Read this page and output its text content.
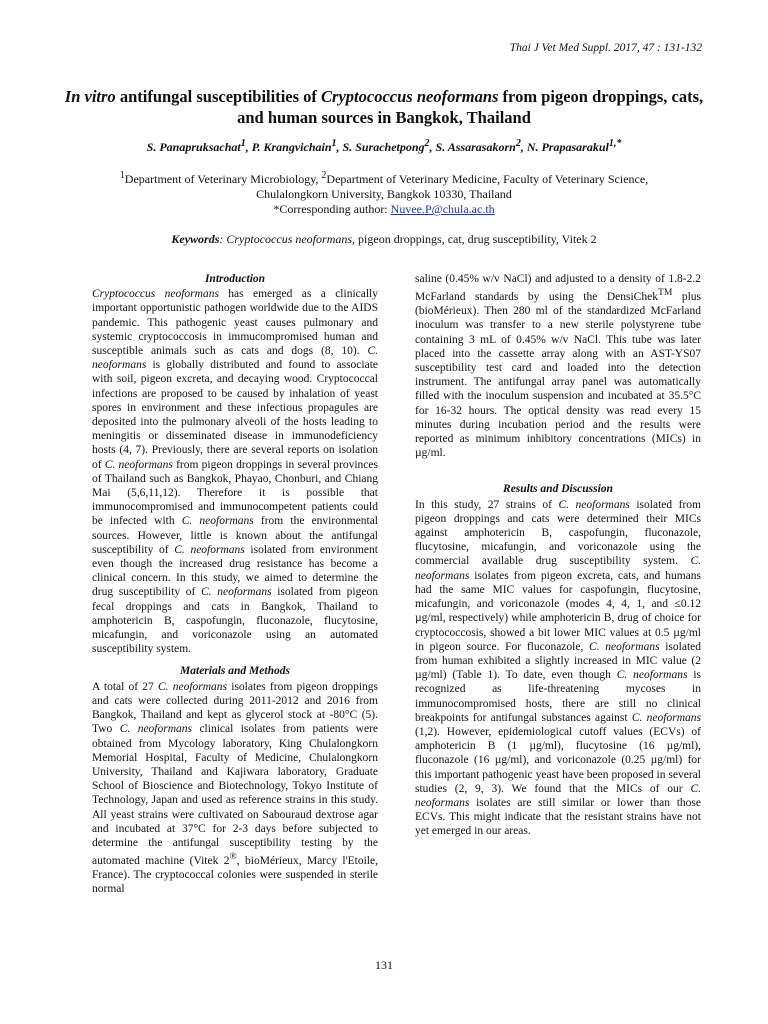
Thai J Vet Med Suppl. 2017, 47 : 131-132
In vitro antifungal susceptibilities of Cryptococcus neoformans from pigeon droppings, cats, and human sources in Bangkok, Thailand
S. Panapruksachat$^1$, P. Krangvichain$^1$, S. Surachetpong$^2$, S. Assarasakorn$^2$, N. Prapasarakul$^{1,*}$
$^1$Department of Veterinary Microbiology, $^2$Department of Veterinary Medicine, Faculty of Veterinary Science,
Chulalongkorn University, Bangkok 10330, Thailand
*Corresponding author: Nuvee.P@chula.ac.th
Keywords: Cryptococcus neoformans, pigeon droppings, cat, drug susceptibility, Vitek 2
Introduction

Cryptococcus neoformans has emerged as a clinically important opportunistic pathogen worldwide due to the AIDS pandemic. This pathogenic yeast causes pulmonary and systemic cryptococcosis in immucompromised human and susceptible animals such as cats and dogs (8, 10). C. neoformans is globally distributed and found to associate with soil, pigeon excreta, and decaying wood. Cryptococcal infections are proposed to be caused by inhalation of yeast spores in environment and these infectious propagules are deposited into the pulmonary alveoli of the hosts leading to meningitis or disseminated disease in immunodeficiency hosts (4, 7). Previously, there are several reports on isolation of C. neoformans from pigeon droppings in several provinces of Thailand such as Bangkok, Phayao, Chonburi, and Chiang Mai (5,6,11,12). Therefore it is possible that immunocompromised and immunocompetent patients could be infected with C. neoformans from the environmental sources. However, little is known about the antifungal susceptibility of C. neoformans isolated from environment even though the increased drug resistance has become a clinical concern. In this study, we aimed to determine the drug susceptibility of C. neoformans isolated from pigeon fecal droppings and cats in Bangkok, Thailand to amphotericin B, caspofungin, fluconazole, flucytosine, micafungin, and voriconazole using an automated susceptibility system.

Materials and Methods

A total of 27 C. neoformans isolates from pigeon droppings and cats were collected during 2011-2012 and 2016 from Bangkok, Thailand and kept as glycerol stock at -80°C (5). Two C. neoformans clinical isolates from patients were obtained from Mycology laboratory, King Chulalongkorn Memorial Hospital, Faculty of Medicine, Chulalongkorn University, Thailand and Kajiwara laboratory, Graduate School of Bioscience and Biotechnology, Tokyo Institute of Technology, Japan and used as reference strains in this study. All yeast strains were cultivated on Sabouraud dextrose agar and incubated at 37°C for 2-3 days before subjected to determine the antifungal susceptibility testing by the automated machine (Vitek 2®, bioMérieux, Marcy l'Etoile, France). The cryptococcal colonies were suspended in sterile normal

saline (0.45% w/v NaCl) and adjusted to a density of 1.8-2.2 McFarland standards by using the DensiChek™ plus (bioMérieux). Then 280 ml of the standardized McFarland inoculum was transfer to a new sterile polystyrene tube containing 3 mL of 0.45% w/v NaCl. This tube was later placed into the cassette array along with an AST-YS07 susceptibility test card and loaded into the detection instrument. The antifungal array panel was automatically filled with the inoculum suspension and incubated at 35.5°C for 16-32 hours. The optical density was read every 15 minutes during incubation period and the results were reported as minimum inhibitory concentrations (MICs) in µg/ml.

Results and Discussion

In this study, 27 strains of C. neoformans isolated from pigeon droppings and cats were determined their MICs against amphotericin B, caspofungin, fluconazole, flucytosine, micafungin, and voriconazole using the commercial available drug susceptibility system. C. neoformans isolates from pigeon excreta, cats, and humans had the same MIC values for caspofungin, flucytosine, micafungin, and voriconazole (modes 4, 4, 1, and ≤0.12 µg/ml, respectively) while amphotericin B, drug of choice for cryptococcosis, showed a bit lower MIC values at 0.5 µg/ml in pigeon source. For fluconazole, C. neoformans isolated from human exhibited a slightly increased in MIC value (2 µg/ml) (Table 1). To date, even though C. neoformans is recognized as life-threatening mycoses in immunocompromised hosts, there are still no clinical breakpoints for antifungal substances against C. neoformans (1,2). However, epidemiological cutoff values (ECVs) of amphotericin B (1 µg/ml), flucytosine (16 µg/ml), fluconazole (16 µg/ml), and voriconazole (0.25 µg/ml) for this important pathogenic yeast have been proposed in several studies (2, 9, 3). We found that the MICs of our C. neoformans isolates are still similar or lower than those ECVs. This might indicate that the resistant strains have not yet emerged in our areas.

131
